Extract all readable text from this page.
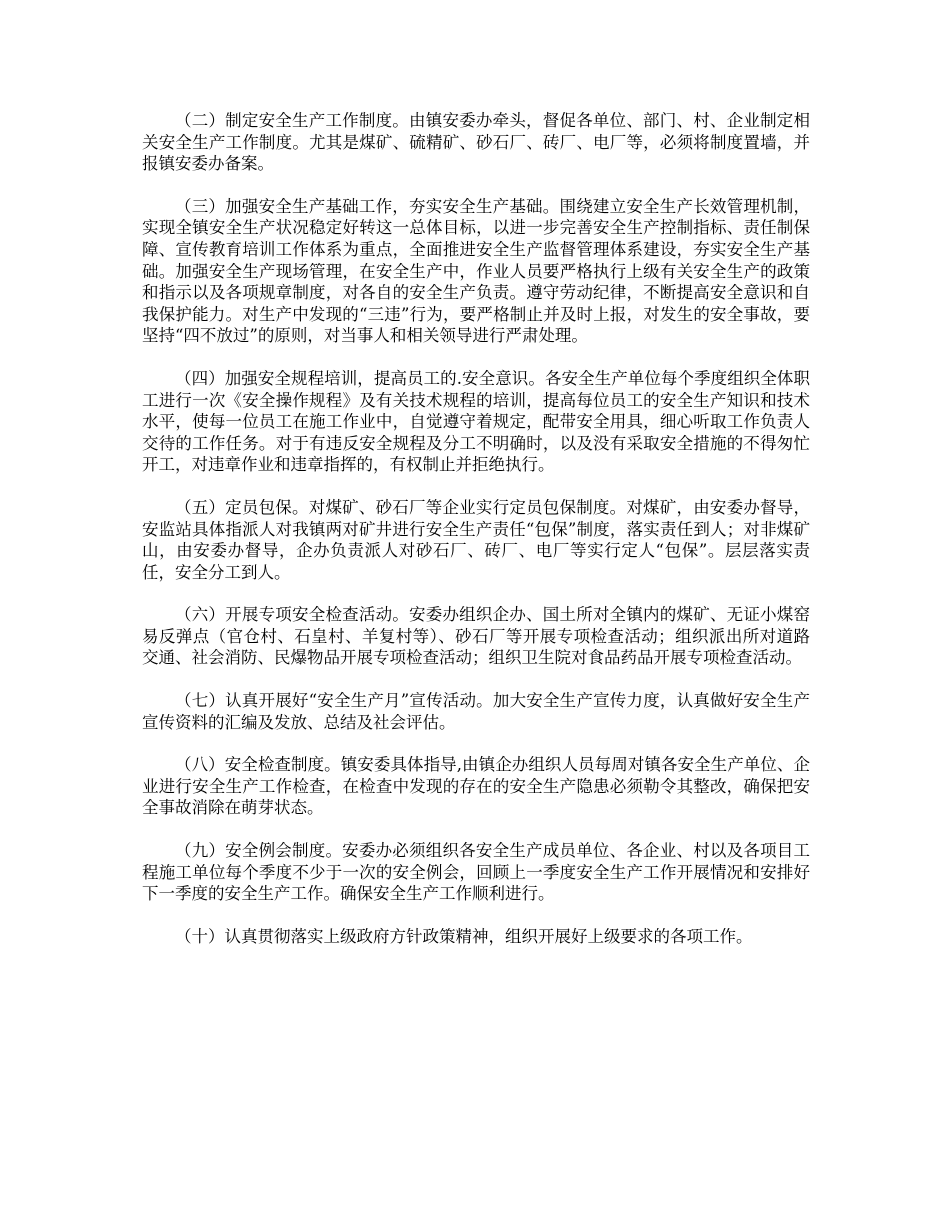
（二）制定安全生产工作制度。由镇安委办牵头，督促各单位、部门、村、企业制定相关安全生产工作制度。尤其是煤矿、硫精矿、砂石厂、砖厂、电厂等，必须将制度置墙，并报镇安委办备案。

（三）加强安全生产基础工作，夯实安全生产基础。围绕建立安全生产长效管理机制，实现全镇安全生产状况稳定好转这一总体目标，以进一步完善安全生产控制指标、责任制保障、宣传教育培训工作体系为重点，全面推进安全生产监督管理体系建设，夯实安全生产基础。加强安全生产现场管理，在安全生产中，作业人员要严格执行上级有关安全生产的政策和指示以及各项规章制度，对各自的安全生产负责。遵守劳动纪律，不断提高安全意识和自我保护能力。对生产中发现的“三违”行为，要严格制止并及时上报，对发生的安全事故，要坚持“四不放过”的原则，对当事人和相关领导进行严肃处理。

（四）加强安全规程培训，提高员工的.安全意识。各安全生产单位每个季度组织全体职工进行一次《安全操作规程》及有关技术规程的培训，提高每位员工的安全生产知识和技术水平，使每一位员工在施工作业中，自觉遵守着规定，配带安全用具，细心听取工作负责人交待的工作任务。对于有违反安全规程及分工不明确时，以及没有采取安全措施的不得匆忙开工，对违章作业和违章指挥的，有权制止并拒绝执行。

（五）定员包保。对煤矿、砂石厂等企业实行定员包保制度。对煤矿，由安委办督导，安监站具体指派人对我镇两对矿井进行安全生产责任“包保”制度，落实责任到人；对非煤矿山，由安委办督导，企办负责派人对砂石厂、砖厂、电厂等实行定人“包保”。层层落实责任，安全分工到人。

（六）开展专项安全检查活动。安委办组织企办、国土所对全镇内的煤矿、无证小煤窑易反弹点（官仓村、石皇村、羊复村等）、砂石厂等开展专项检查活动；组织派出所对道路交通、社会消防、民爆物品开展专项检查活动；组织卫生院对食品药品开展专项检查活动。

（七）认真开展好“安全生产月”宣传活动。加大安全生产宣传力度，认真做好安全生产宣传资料的汇编及发放、总结及社会评估。

（八）安全检查制度。镇安委具体指导,由镇企办组织人员每周对镇各安全生产单位、企业进行安全生产工作检查，在检查中发现的存在的安全生产隐患必须勒令其整改，确保把安全事故消除在萌芽状态。

（九）安全例会制度。安委办必须组织各安全生产成员单位、各企业、村以及各项目工程施工单位每个季度不少于一次的安全例会，回顾上一季度安全生产工作开展情况和安排好下一季度的安全生产工作。确保安全生产工作顺利进行。

（十）认真贯彻落实上级政府方针政策精神，组织开展好上级要求的各项工作。
